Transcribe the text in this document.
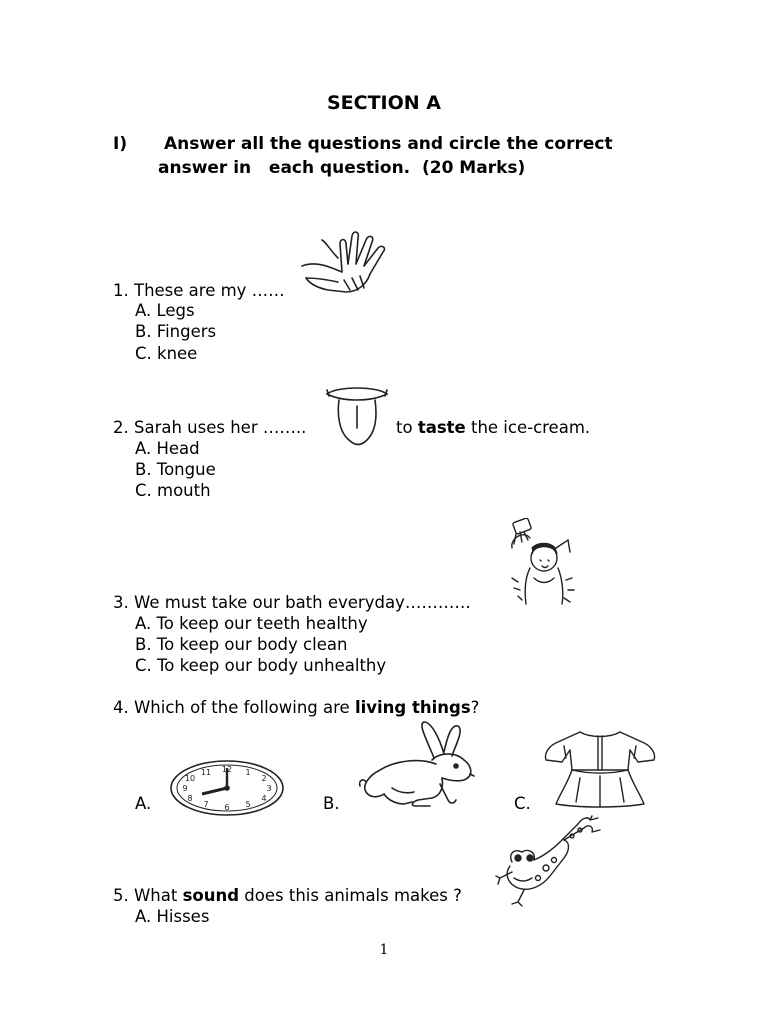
SECTION A
I) Answer all the questions and circle the correct
answer in   each question.  (20 Marks)
1. These are my ……
A. Legs
B. Fingers
C. knee
2. Sarah uses her ……..	to taste the ice-cream.
A. Head
B. Tongue
C. mouth
3. We must take our bath everyday…………
A. To keep our teeth healthy
B. To keep our body clean
C. To keep our body unhealthy
4. Which of the following are living things?
A.
12 1
2
3
4
5
6
7
8
9
10
11
B.	C.
5. What sound does this animals makes ?
A. Hisses
1
